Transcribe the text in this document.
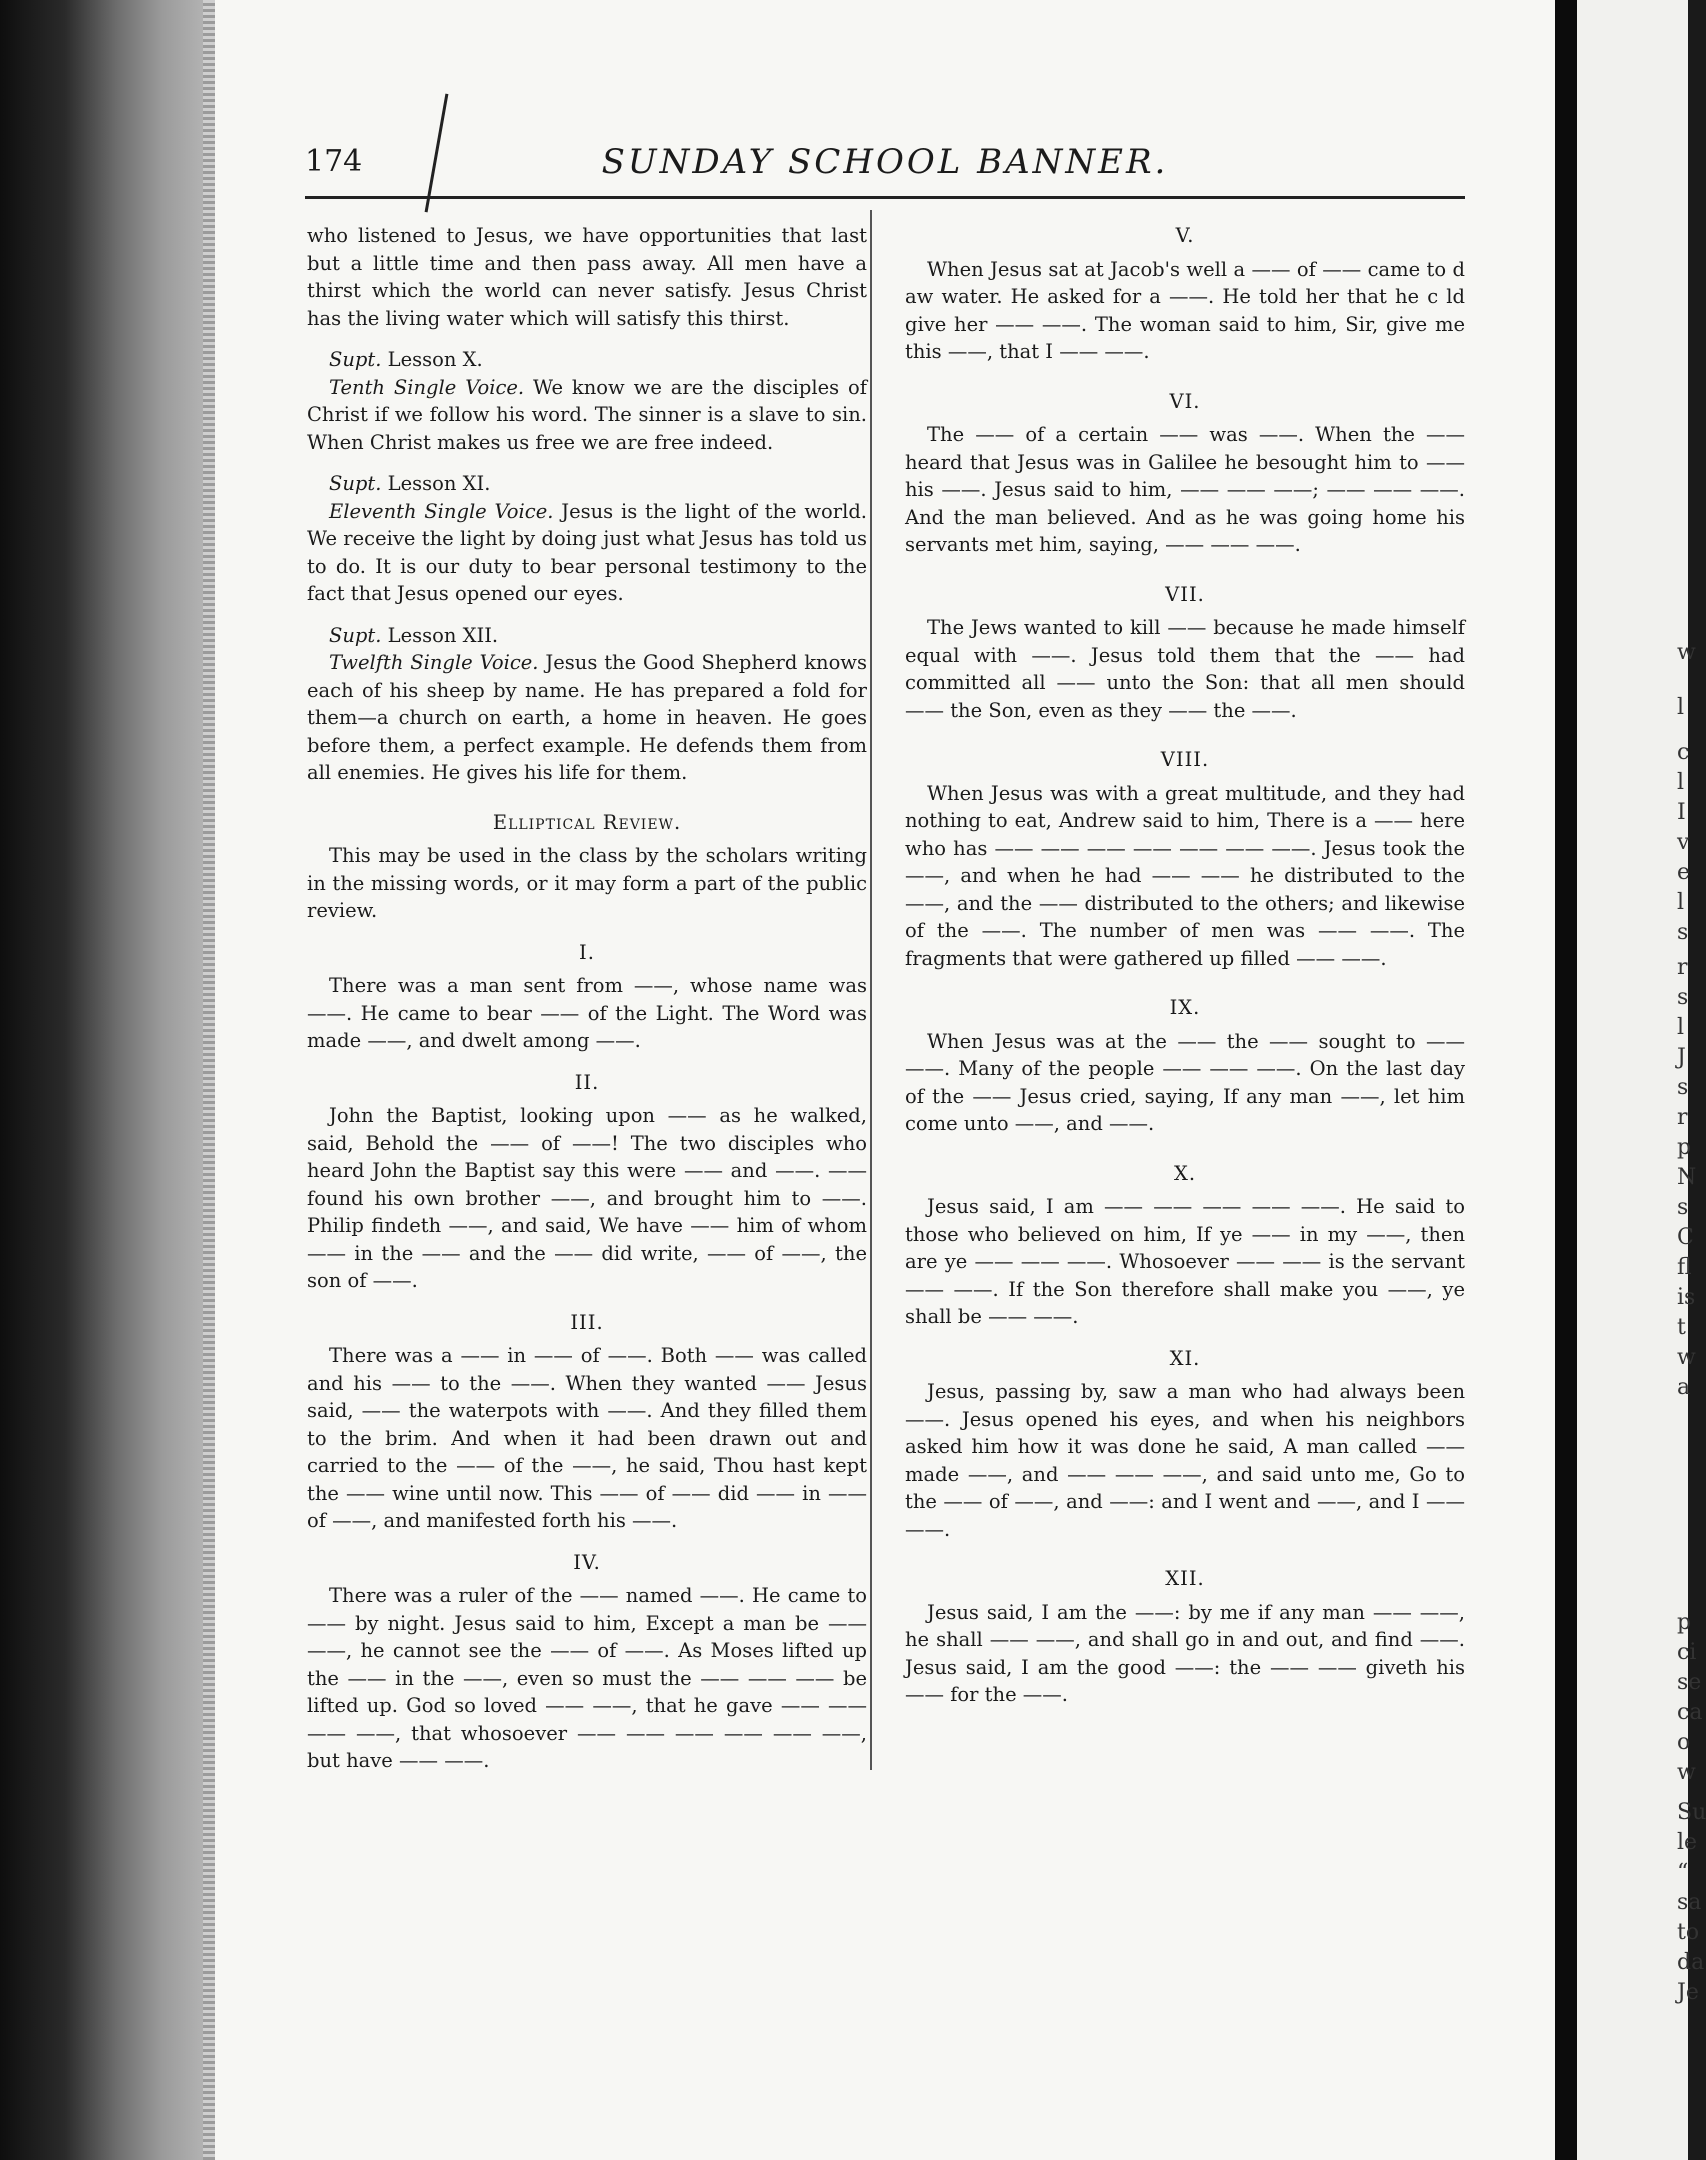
174	SUNDAY SCHOOL BANNER.

who listened to Jesus, we have opportunities that last but a little time and then pass away. All men have a thirst which the world can never satisfy. Jesus Christ has the living water which will satisfy this thirst.

Supt. Lesson X.

Tenth Single Voice. We know we are the disciples of Christ if we follow his word. The sinner is a slave to sin. When Christ makes us free we are free indeed.

Supt. Lesson XI.

Eleventh Single Voice. Jesus is the light of the world. We receive the light by doing just what Jesus has told us to do. It is our duty to bear personal testimony to the fact that Jesus opened our eyes.

Supt. Lesson XII.

Twelfth Single Voice. Jesus the Good Shepherd knows each of his sheep by name. He has prepared a fold for them—a church on earth, a home in heaven. He goes before them, a perfect example. He defends them from all enemies. He gives his life for them.

Elliptical Review.

This may be used in the class by the scholars writing in the missing words, or it may form a part of the public review.

I.

There was a man sent from ——, whose name was ——. He came to bear —— of the Light. The Word was made ——, and dwelt among ——.

II.

John the Baptist, looking upon —— as he walked, said, Behold the —— of ——! The two disciples who heard John the Baptist say this were —— and ——. —— found his own brother ——, and brought him to ——. Philip findeth ——, and said, We have —— him of whom —— in the —— and the —— did write, —— of ——, the son of ——.

III.

There was a —— in —— of ——. Both —— was called and his —— to the ——. When they wanted —— Jesus said, —— the waterpots with ——. And they filled them to the brim. And when it had been drawn out and carried to the —— of the ——, he said, Thou hast kept the —— wine until now. This —— of —— did —— in —— of ——, and manifested forth his ——.

IV.

There was a ruler of the —— named ——. He came to —— by night. Jesus said to him, Except a man be —— ——, he cannot see the —— of ——. As Moses lifted up the —— in the ——, even so must the —— —— —— be lifted up. God so loved —— ——, that he gave —— —— —— ——, that whosoever —— —— —— —— —— ——, but have —— ——.

V.

When Jesus sat at Jacob's well a —— of —— came to d aw water. He asked for a ——. He told her that he c ld give her —— ——. The woman said to him, Sir, give me this ——, that I —— ——.

VI.

The —— of a certain —— was ——. When the —— heard that Jesus was in Galilee he besought him to —— his ——. Jesus said to him, —— —— ——; —— —— ——. And the man believed. And as he was going home his servants met him, saying, —— —— ——.

VII.

The Jews wanted to kill —— because he made himself equal with ——. Jesus told them that the —— had committed all —— unto the Son: that all men should —— the Son, even as they —— the ——.

VIII.

When Jesus was with a great multitude, and they had nothing to eat, Andrew said to him, There is a —— here who has —— —— —— —— —— —— ——. Jesus took the ——, and when he had —— —— he distributed to the ——, and the —— distributed to the others; and likewise of the ——. The number of men was —— ——. The fragments that were gathered up filled —— ——.

IX.

When Jesus was at the —— the —— sought to —— ——. Many of the people —— —— ——. On the last day of the —— Jesus cried, saying, If any man ——, let him come unto ——, and ——.

X.

Jesus said, I am —— —— —— —— ——. He said to those who believed on him, If ye —— in my ——, then are ye —— —— ——. Whosoever —— —— is the servant —— ——. If the Son therefore shall make you ——, ye shall be —— ——.

XI.

Jesus, passing by, saw a man who had always been ——. Jesus opened his eyes, and when his neighbors asked him how it was done he said, A man called —— made ——, and —— —— ——, and said unto me, Go to the —— of ——, and ——: and I went and ——, and I —— ——.

XII.

Jesus said, I am the ——: by me if any man —— ——, he shall —— ——, and shall go in and out, and find ——. Jesus said, I am the good ——: the —— —— giveth his —— for the ——.

w
l
c
l
I
v
e
l
s
r
s
l
J
s
r
p
N
s
C
fl
is
t
w
a
p
ci
se
ca
o
w
Su
le
“
sa
to
da
Je
